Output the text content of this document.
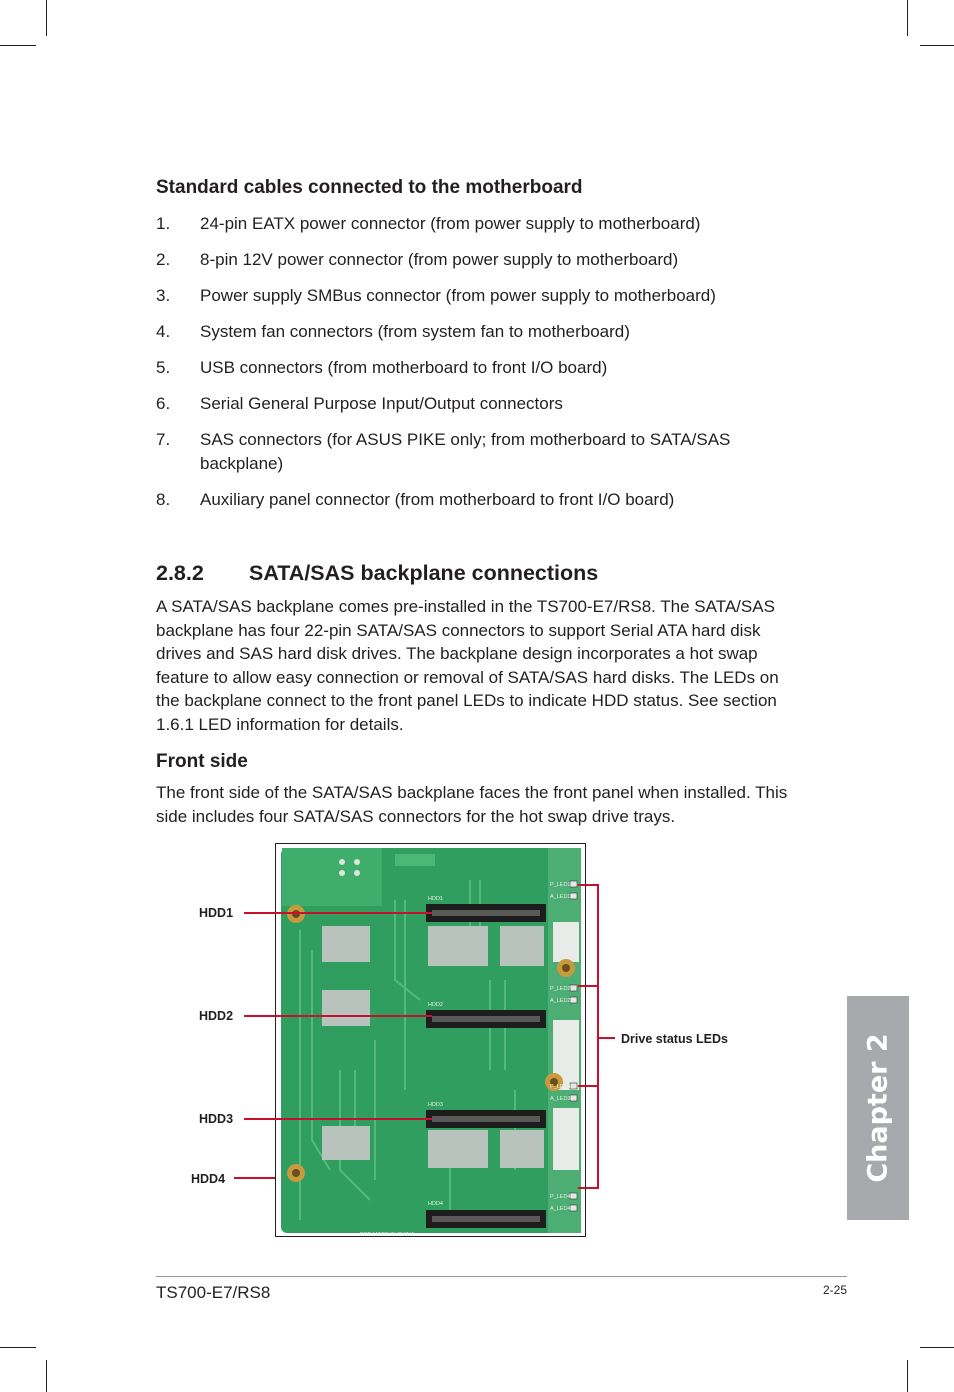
Standard cables connected to the motherboard
1.	24-pin EATX power connector (from power supply to motherboard)
2.	8-pin 12V power connector (from power supply to motherboard)
3.	Power supply SMBus connector (from power supply to motherboard)
4.	System fan connectors (from system fan to motherboard)
5.	USB connectors (from motherboard to front I/O board)
6.	Serial General Purpose Input/Output connectors
7.	SAS connectors (for ASUS PIKE only; from motherboard to SATA/SAS backplane)
8.	Auxiliary panel connector (from motherboard to front I/O board)
2.8.2 SATA/SAS backplane connections

A SATA/SAS backplane comes pre-installed in the TS700-E7/RS8. The SATA/SAS backplane has four 22-pin SATA/SAS connectors to support Serial ATA hard disk drives and SAS hard disk drives. The backplane design incorporates a hot swap feature to allow easy connection or removal of SATA/SAS hard disks. The LEDs on the backplane connect to the front panel LEDs to indicate HDD status. See section 1.6.1 LED information for details.

Front side

The front side of the SATA/SAS backplane faces the front panel when installed. This side includes four SATA/SAS connectors for the hot swap drive trays.

P_LED1
A_LED1
P_LED2
A_LED2
P_LED3
A_LED3
P_LED4
A_LED4
HDD1
HDD2
HDD3
HDD4
PCB MADE IN CHINA
HDD1
HDD2
HDD3
HDD4
Drive status LEDs	Chapter 2
TS700-E7/RS8	2-25
